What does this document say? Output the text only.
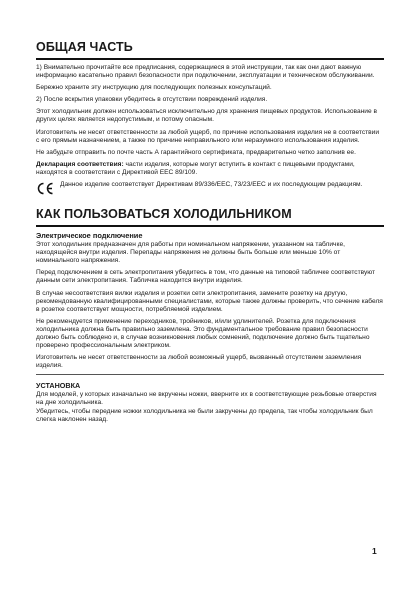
ОБЩАЯ ЧАСТЬ

1) Внимательно прочитайте все предписания, содержащиеся в этой инструкции, так как они дают важную информацию касательно правил безопасности при подключении, эксплуатации и техническом обслуживании.

Бережно храните эту инструкцию для последующих полезных консультаций.

2) После вскрытия упаковки убедитесь в отсутствии повреждений изделия.

Этот холодильник должен использоваться исключительно для хранения пищевых продуктов. Использование в других целях является недопустимым, и потому опасным.

Изготовитель не несет ответственности за любой ущерб, по причине использования изделия не в соответствии с его прямым назначением, а также по причине неправильного или неразумного использования изделия.

Не забудьте отправить по почте часть А гарантийного сертификата, предварительно четко заполнив ее.

Декларация соответствия: части изделия, которые могут вступить в контакт с пищевыми продуктами, находятся в соответствии с Директивой ЕЕС 89/109.

Данное изделие соответствует Директивам 89/336/EEC, 73/23/EEC и их последующим редакциям.

КАК ПОЛЬЗОВАТЬСЯ ХОЛОДИЛЬНИКОМ
Электрическое подключение

Этот холодильник предназначен для работы при номинальном напряжении, указанном на табличке, находящейся внутри изделия. Перепады напряжения не должны быть больше или меньше 10% от номинального напряжения.

Перед подключением в сеть электропитания убедитесь в том, что данные на типовой табличке соответствуют данным сети электропитания. Табличка находится внутри изделия.

В случае несоответствия вилки изделия и розетки сети электропитания, замените розетку на другую, рекомендованную квалифицированными специалистами, которые также должны проверить, что сечение кабеля в розетке соответствует мощности, потребляемой изделием.

Не рекомендуется применение переходников, тройников, и/или удлинителей. Розетка для подключения холодильника должна быть правильно заземлена. Это фундаментальное требование правил безопасности должно быть соблюдено и, в случае возникновения любых сомнений, подключение должно быть тщательно проверено профессиональным электриком.

Изготовитель не несет ответственности за любой возможный ущерб, вызванный отсутствием заземления изделия.

УСТАНОВКА

Для моделей, у которых изначально не вкручены ножки, вверните их в соответствующие резьбовые отверстия на дне холодильника.

Убедитесь, чтобы передние ножки холодильника не были закручены до предела, так чтобы холодильник был слегка наклонен назад.

1
